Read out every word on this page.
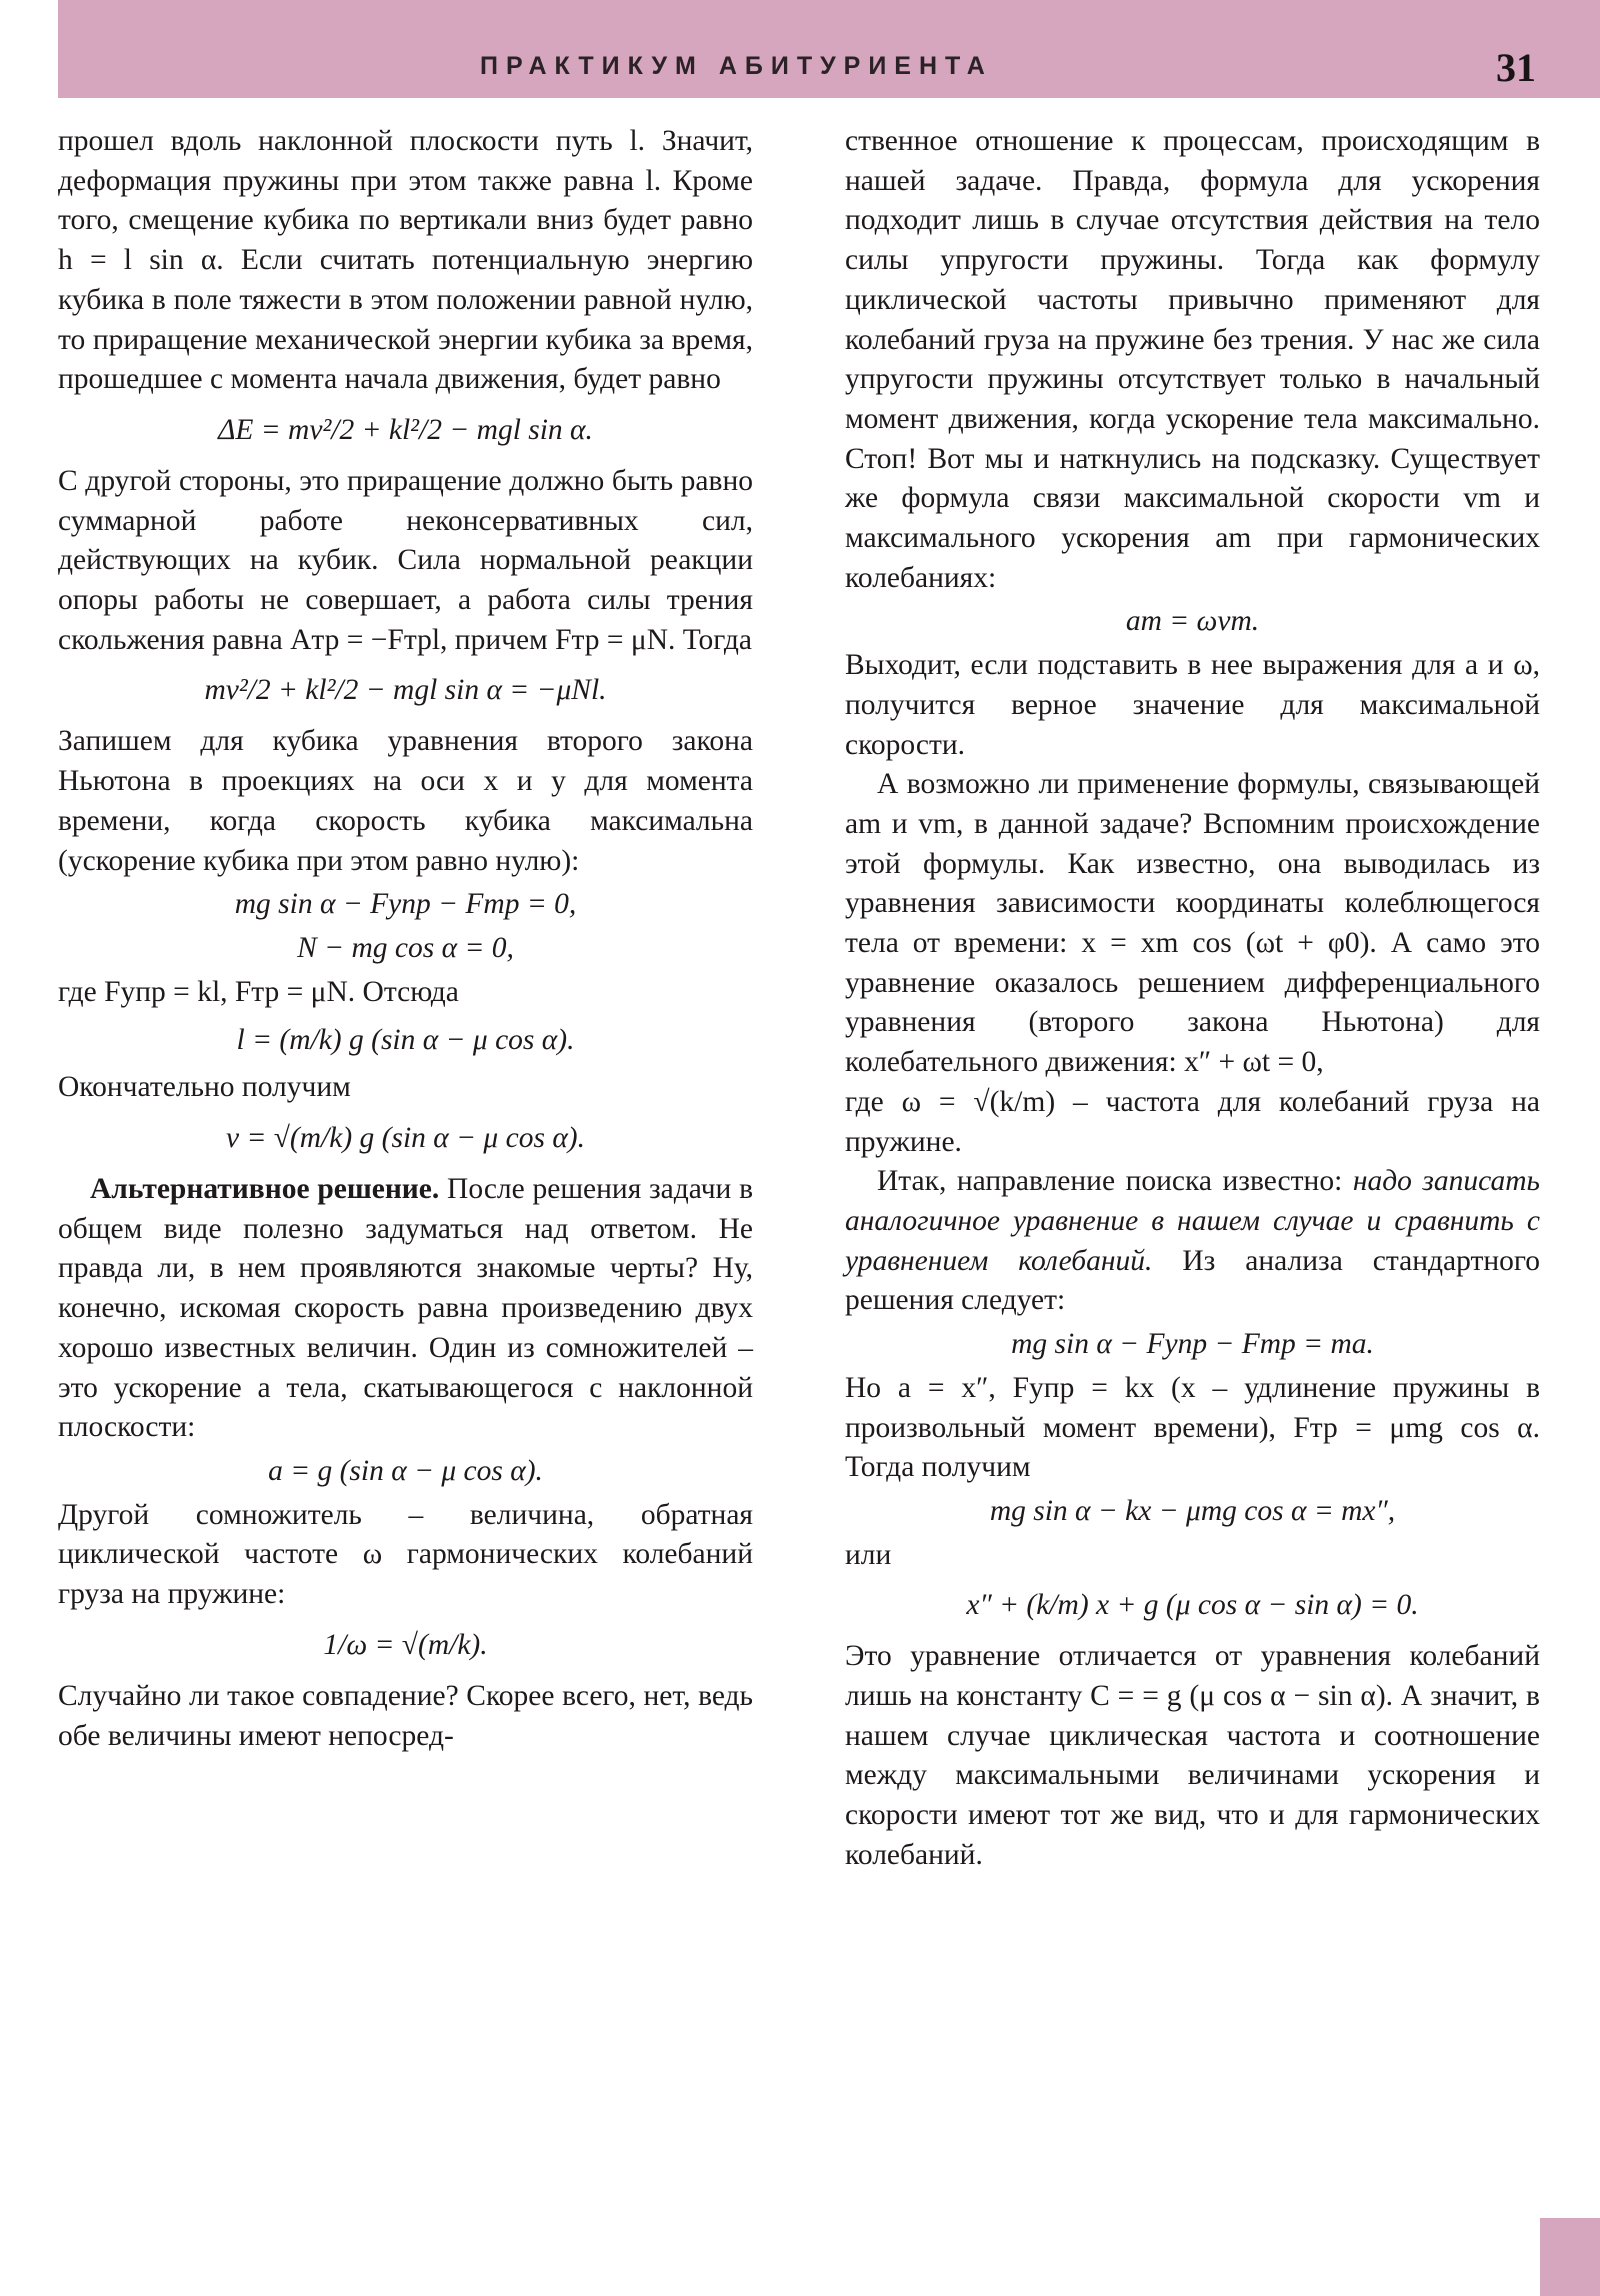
ПРАКТИКУМ АБИТУРИЕНТА	31

прошел вдоль наклонной плоскости путь l. Значит, деформация пружины при этом также равна l. Кроме того, смещение кубика по вертикали вниз будет равно h = l sin α. Если считать потенциальную энергию кубика в поле тяжести в этом положении равной нулю, то приращение механической энергии кубика за время, прошедшее с момента начала движения, будет равно

ΔE = mv²/2 + kl²/2 − mgl sin α.

С другой стороны, это приращение должно быть равно суммарной работе неконсервативных сил, действующих на кубик. Сила нормальной реакции опоры работы не совершает, а работа силы трения скольжения равна Aтр = −Fтрl, причем Fтр = μN. Тогда

mv²/2 + kl²/2 − mgl sin α = −μNl.

Запишем для кубика уравнения второго закона Ньютона в проекциях на оси x и y для момента времени, когда скорость кубика максимальна (ускорение кубика при этом равно нулю):

mg sin α − Fупр − Fтр = 0,
N − mg cos α = 0,

где Fупр = kl, Fтр = μN. Отсюда

l = (m/k) g (sin α − μ cos α).

Окончательно получим

v = √(m/k) g (sin α − μ cos α).

Альтернативное решение. После решения задачи в общем виде полезно задуматься над ответом. Не правда ли, в нем проявляются знакомые черты? Ну, конечно, искомая скорость равна произведению двух хорошо известных величин. Один из сомножителей – это ускорение a тела, скатывающегося с наклонной плоскости:

a = g (sin α − μ cos α).

Другой сомножитель – величина, обратная циклической частоте ω гармонических колебаний груза на пружине:

1/ω = √(m/k).

Случайно ли такое совпадение? Скорее всего, нет, ведь обе величины имеют непосред-

ственное отношение к процессам, происходящим в нашей задаче. Правда, формула для ускорения подходит лишь в случае отсутствия действия на тело силы упругости пружины. Тогда как формулу циклической частоты привычно применяют для колебаний груза на пружине без трения. У нас же сила упругости пружины отсутствует только в начальный момент движения, когда ускорение тела максимально. Стоп! Вот мы и наткнулись на подсказку. Существует же формула связи максимальной скорости vm и максимального ускорения am при гармонических колебаниях:

am = ωvm.

Выходит, если подставить в нее выражения для a и ω, получится верное значение для максимальной скорости.

А возможно ли применение формулы, связывающей am и vm, в данной задаче? Вспомним происхождение этой формулы. Как известно, она выводилась из уравнения зависимости координаты колеблющегося тела от времени: x = xm cos (ωt + φ0). А само это уравнение оказалось решением дифференциального уравнения (второго закона Ньютона) для колебательного движения: x″ + ωt = 0,

где ω = √(k/m) – частота для колебаний груза на пружине.

Итак, направление поиска известно: надо записать аналогичное уравнение в нашем случае и сравнить с уравнением колебаний. Из анализа стандартного решения следует:

mg sin α − Fупр − Fтр = ma.

Но a = x″, Fупр = kx (x – удлинение пружины в произвольный момент времени), Fтр = μmg cos α. Тогда получим

mg sin α − kx − μmg cos α = mx″,

или

x″ + (k/m) x + g (μ cos α − sin α) = 0.

Это уравнение отличается от уравнения колебаний лишь на константу C = = g (μ cos α − sin α). А значит, в нашем случае циклическая частота и соотношение между максимальными величинами ускорения и скорости имеют тот же вид, что и для гармонических колебаний.
